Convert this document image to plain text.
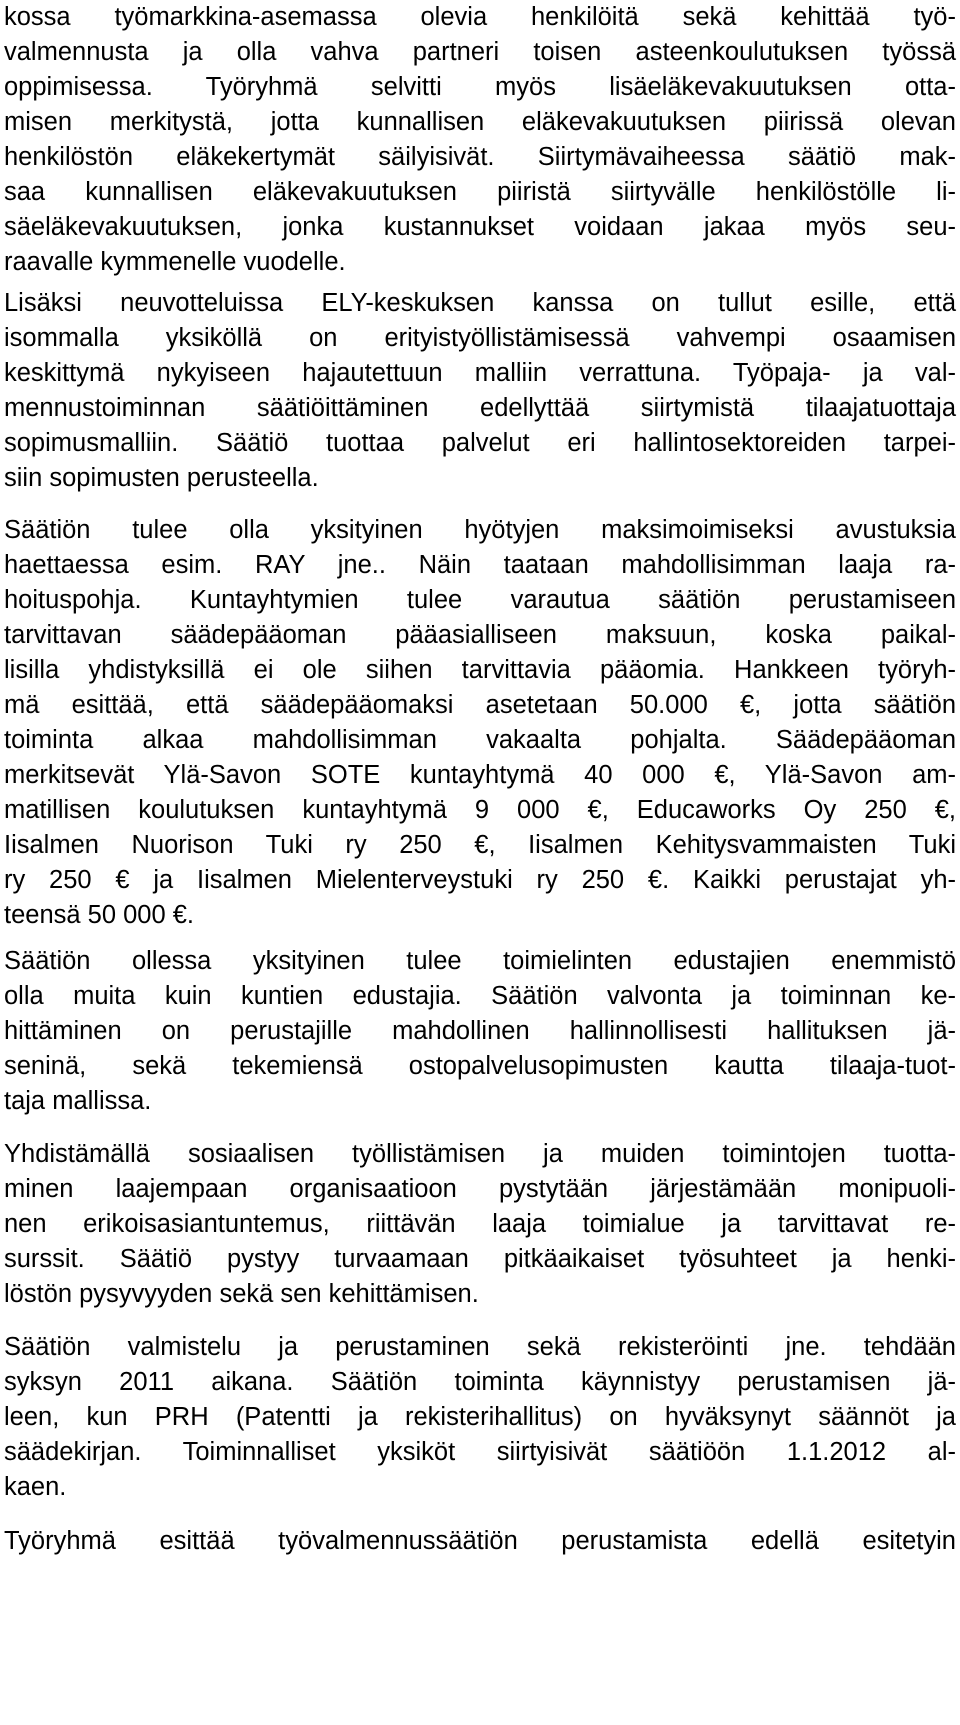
kossa työmarkkina-asemassa olevia henkilöitä sekä kehittää työ-
valmennusta ja olla vahva partneri toisen asteenkoulutuksen työssä
oppimisessa. Työryhmä selvitti myös lisäeläkevakuutuksen otta-
misen merkitystä, jotta kunnallisen eläkevakuutuksen piirissä olevan
henkilöstön eläkekertymät säilyisivät. Siirtymävaiheessa säätiö mak-
saa kunnallisen eläkevakuutuksen piiristä siirtyvälle henkilöstölle li-
säeläkevakuutuksen, jonka kustannukset voidaan jakaa myös seu-
raavalle kymmenelle vuodelle.
Lisäksi neuvotteluissa ELY-keskuksen kanssa on tullut esille, että
isommalla yksiköllä on erityistyöllistämisessä vahvempi osaamisen
keskittymä nykyiseen hajautettuun malliin verrattuna. Työpaja- ja val-
mennustoiminnan säätiöittäminen edellyttää siirtymistä tilaajatuottaja
sopimusmalliin. Säätiö tuottaa palvelut eri hallintosektoreiden tarpei-
siin sopimusten perusteella.
Säätiön tulee olla yksityinen hyötyjen maksimoimiseksi avustuksia
haettaessa esim. RAY jne.. Näin taataan mahdollisimman laaja ra-
hoituspohja. Kuntayhtymien tulee varautua säätiön perustamiseen
tarvittavan säädepääoman pääasialliseen maksuun, koska paikal-
lisilla yhdistyksillä ei ole siihen tarvittavia pääomia. Hankkeen työryh-
mä esittää, että säädepääomaksi asetetaan 50.000 €, jotta säätiön
toiminta alkaa mahdollisimman vakaalta pohjalta. Säädepääoman
merkitsevät Ylä-Savon SOTE kuntayhtymä 40 000 €, Ylä-Savon am-
matillisen koulutuksen kuntayhtymä 9 000 €, Educaworks Oy 250 €,
Iisalmen Nuorison Tuki ry 250 €, Iisalmen Kehitysvammaisten Tuki
ry 250 € ja Iisalmen Mielenterveystuki ry 250 €. Kaikki perustajat yh-
teensä 50 000 €.
Säätiön ollessa yksityinen tulee toimielinten edustajien enemmistö
olla muita kuin kuntien edustajia. Säätiön valvonta ja toiminnan ke-
hittäminen on perustajille mahdollinen hallinnollisesti hallituksen jä-
seninä, sekä tekemiensä ostopalvelusopimusten kautta tilaaja-tuot-
taja mallissa.
Yhdistämällä sosiaalisen työllistämisen ja muiden toimintojen tuotta-
minen laajempaan organisaatioon pystytään järjestämään monipuoli-
nen erikoisasiantuntemus, riittävän laaja toimialue ja tarvittavat re-
surssit. Säätiö pystyy turvaamaan pitkäaikaiset työsuhteet ja henki-
löstön pysyvyyden sekä sen kehittämisen.
Säätiön valmistelu ja perustaminen sekä rekisteröinti jne. tehdään
syksyn 2011 aikana. Säätiön toiminta käynnistyy perustamisen jä-
leen, kun PRH (Patentti ja rekisterihallitus) on hyväksynyt säännöt ja
säädekirjan. Toiminnalliset yksiköt siirtyisivät säätiöön 1.1.2012 al-
kaen.
Työryhmä esittää työvalmennussäätiön perustamista edellä esitetyin
